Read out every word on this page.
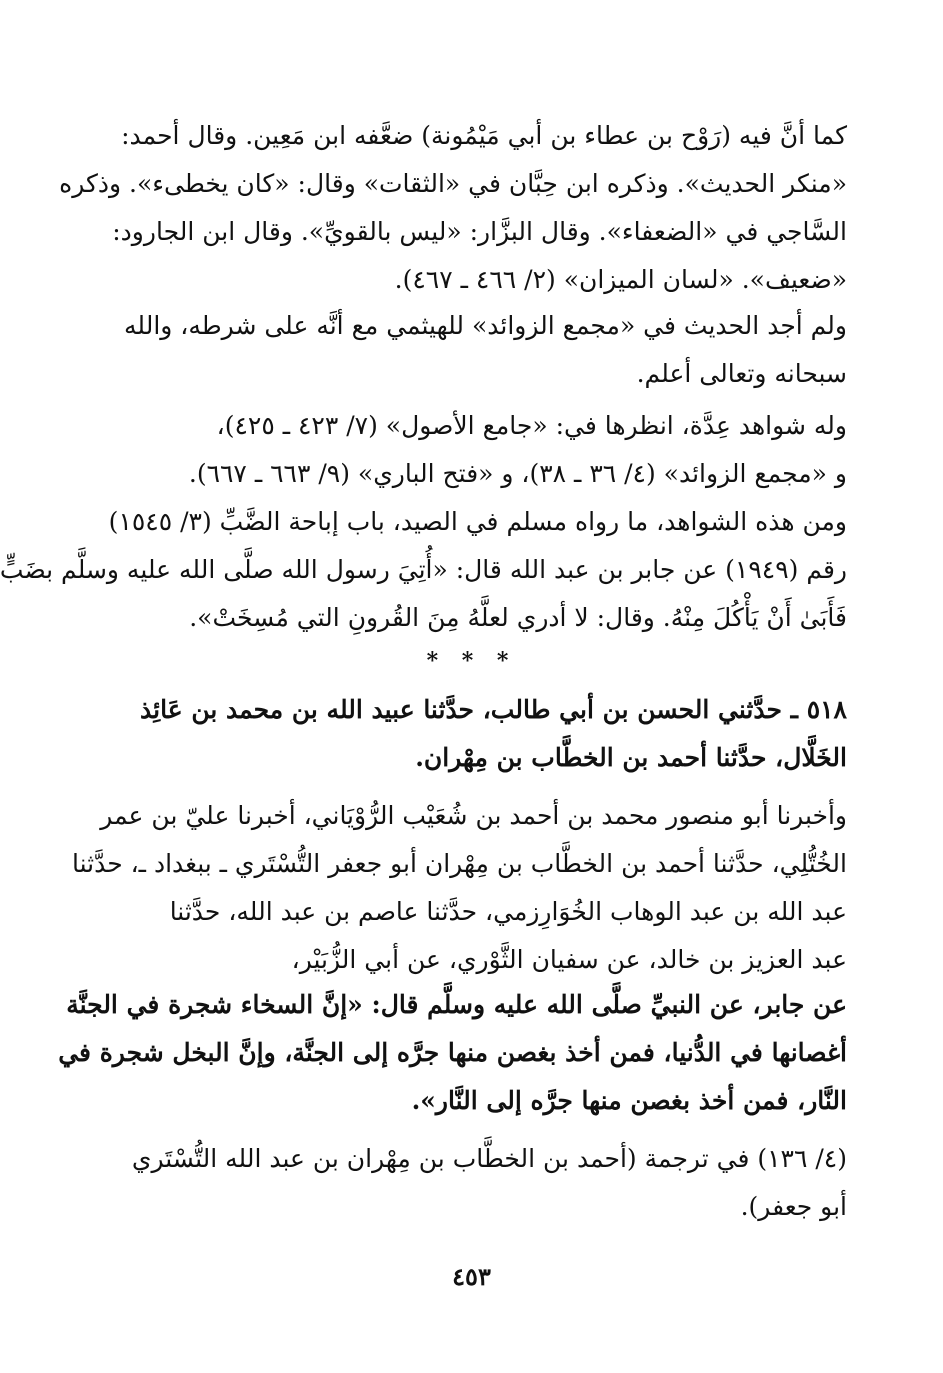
كما أنَّ فيه (رَوْح بن عطاء بن أبي مَيْمُونة) ضعَّفه ابن مَعِين. وقال أحمد:
«منكر الحديث». وذكره ابن حِبَّان في «الثقات» وقال: «كان يخطىء». وذكره
السَّاجي في «الضعفاء». وقال البزَّار: «ليس بالقويِّ». وقال ابن الجارود:
«ضعيف». «لسان الميزان» (٢/ ٤٦٦ ـ ٤٦٧).
ولم أجد الحديث في «مجمع الزوائد» للهيثمي مع أنَّه على شرطه، والله
سبحانه وتعالى أعلم.
وله شواهد عِدَّة، انظرها في: «جامع الأصول» (٧/ ٤٢٣ ـ ٤٢٥)،
و «مجمع الزوائد» (٤/ ٣٦ ـ ٣٨)، و «فتح الباري» (٩/ ٦٦٣ ـ ٦٦٧).
ومن هذه الشواهد، ما رواه مسلم في الصيد، باب إباحة الضَّبِّ (٣/ ١٥٤٥)
رقم (١٩٤٩) عن جابر بن عبد الله قال: «أُتِيَ رسول الله صلَّى الله عليه وسلَّم بضَبٍّ
فَأَبَىٰ أَنْ يَأْكُلَ مِنْهُ. وقال: لا أدري لعلَّهُ مِنَ القُرونِ التي مُسِخَتْ».
* * *
٥١٨ ـ حدَّثني الحسن بن أبي طالب، حدَّثنا عبيد الله بن محمد بن عَائِذ
الخَلَّال، حدَّثنا أحمد بن الخطَّاب بن مِهْران.
وأخبرنا أبو منصور محمد بن أحمد بن شُعَيْب الرُّوْيَاني، أخبرنا عليّ بن عمر
الخُتُّلِي، حدَّثنا أحمد بن الخطَّاب بن مِهْران أبو جعفر التُّسْتَري ـ ببغداد ـ، حدَّثنا
عبد الله بن عبد الوهاب الخُوَارِزمي، حدَّثنا عاصم بن عبد الله، حدَّثنا
عبد العزيز بن خالد، عن سفيان الثَّوْري، عن أبي الزُّبَيْر،
عن جابر، عن النبيِّ صلَّى الله عليه وسلَّم قال: «إنَّ السخاء شجرة في الجنَّة
أغصانها في الدُّنيا، فمن أخذ بغصن منها جرَّه إلى الجنَّة، وإنَّ البخل شجرة في
النَّار، فمن أخذ بغصن منها جرَّه إلى النَّار».
(٤/ ١٣٦) في ترجمة (أحمد بن الخطَّاب بن مِهْران بن عبد الله التُّسْتَري
أبو جعفر).
٤٥٣
